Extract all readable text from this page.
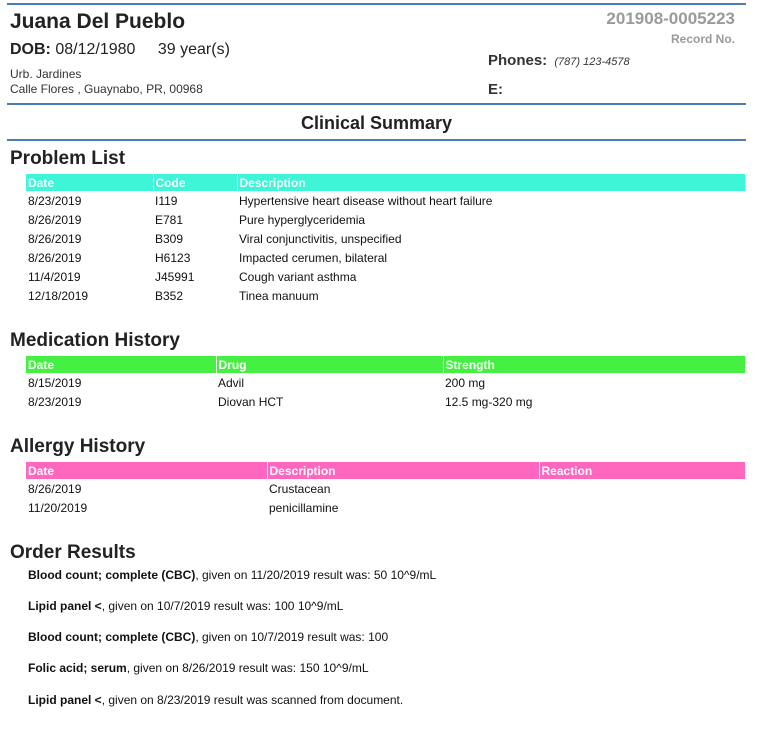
Juana Del Pueblo
DOB: 08/12/1980 39 year(s)
Urb. Jardines
Calle Flores , Guaynabo, PR, 00968
201908-0005223
Record No.
Phones: (787) 123-4578
E:
Clinical Summary
Problem List
Date	Code	Description
8/23/2019	I119	Hypertensive heart disease without heart failure
8/26/2019	E781	Pure hyperglyceridemia
8/26/2019	B309	Viral conjunctivitis, unspecified
8/26/2019	H6123	Impacted cerumen, bilateral
11/4/2019	J45991	Cough variant asthma
12/18/2019	B352	Tinea manuum
Medication History
Date	Drug	Strength
8/15/2019	Advil	200 mg
8/23/2019	Diovan HCT	12.5 mg-320 mg
Allergy History
Date	Description	Reaction
8/26/2019	Crustacean	
11/20/2019	penicillamine	
Order Results
Blood count; complete (CBC), given on 11/20/2019 result was: 50 10^9/mL
Lipid panel <, given on 10/7/2019 result was: 100 10^9/mL
Blood count; complete (CBC), given on 10/7/2019 result was: 100
Folic acid; serum, given on 8/26/2019 result was: 150 10^9/mL
Lipid panel <, given on 8/23/2019 result was scanned from document.
